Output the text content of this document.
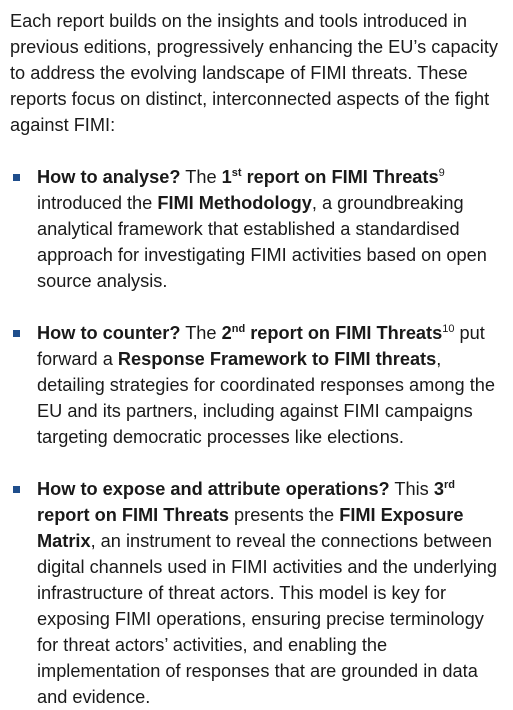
Each report builds on the insights and tools introduced in previous editions, progressively enhancing the EU’s capacity to address the evolving landscape of FIMI threats. These reports focus on distinct, interconnected aspects of the fight against FIMI:

How to analyse? The 1st report on FIMI Threats$^9$ introduced the FIMI Methodology, a groundbreaking analytical framework that established a standardised approach for investigating FIMI activities based on open source analysis.
How to counter? The 2nd report on FIMI Threats$^{10}$ put forward a Response Framework to FIMI threats, detailing strategies for coordinated responses among the EU and its partners, including against FIMI campaigns targeting democratic processes like elections.
How to expose and attribute operations? This 3rd report on FIMI Threats presents the FIMI Exposure Matrix, an instrument to reveal the connections between digital channels used in FIMI activities and the underlying infrastructure of threat actors. This model is key for exposing FIMI operations, ensuring precise terminology for threat actors’ activities, and enabling the implementation of responses that are grounded in data and evidence.
